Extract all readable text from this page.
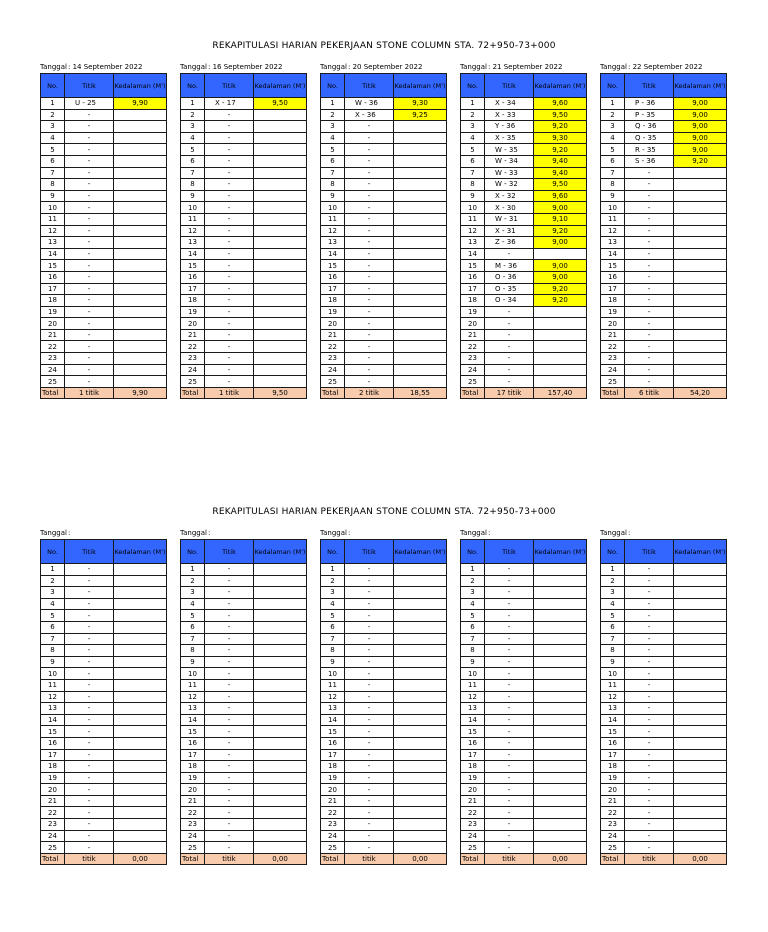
REKAPITULASI HARIAN PEKERJAAN STONE COLUMN STA. 72+950-73+000
Tanggal: 14 September 2022
No.	Titik	Kedalaman (M')
1	U - 25	9,90
2	-	
3	-	
4	-	
5	-	
6	-	
7	-	
8	-	
9	-	
10	-	
11	-	
12	-	
13	-	
14	-	
15	-	
16	-	
17	-	
18	-	
19	-	
20	-	
21	-	
22	-	
23	-	
24	-	
25	-	
Total	1 titik	9,90
Tanggal: 16 September 2022
No.	Titik	Kedalaman (M')
1	X - 17	9,50
2	-	
3	-	
4	-	
5	-	
6	-	
7	-	
8	-	
9	-	
10	-	
11	-	
12	-	
13	-	
14	-	
15	-	
16	-	
17	-	
18	-	
19	-	
20	-	
21	-	
22	-	
23	-	
24	-	
25	-	
Total	1 titik	9,50
Tanggal: 20 September 2022
No.	Titik	Kedalaman (M')
1	W - 36	9,30
2	X - 36	9,25
3	-	
4	-	
5	-	
6	-	
7	-	
8	-	
9	-	
10	-	
11	-	
12	-	
13	-	
14	-	
15	-	
16	-	
17	-	
18	-	
19	-	
20	-	
21	-	
22	-	
23	-	
24	-	
25	-	
Total	2 titik	18,55
Tanggal: 21 September 2022
No.	Titik	Kedalaman (M')
1	X - 34	9,60
2	X - 33	9,50
3	Y - 36	9,20
4	X - 35	9,30
5	W - 35	9,20
6	W - 34	9,40
7	W - 33	9,40
8	W - 32	9,50
9	X - 32	9,60
10	X - 30	9,00
11	W - 31	9,10
12	X - 31	9,20
13	Z - 36	9,00
14	-	
15	M - 36	9,00
16	O - 36	9,00
17	O - 35	9,20
18	O - 34	9,20
19	-	
20	-	
21	-	
22	-	
23	-	
24	-	
25	-	
Total	17 titik	157,40
Tanggal: 22 September 2022
No.	Titik	Kedalaman (M')
1	P - 36	9,00
2	P - 35	9,00
3	Q - 36	9,00
4	Q - 35	9,00
5	R - 35	9,00
6	S - 36	9,20
7	-	
8	-	
9	-	
10	-	
11	-	
12	-	
13	-	
14	-	
15	-	
16	-	
17	-	
18	-	
19	-	
20	-	
21	-	
22	-	
23	-	
24	-	
25	-	
Total	6 titik	54,20
REKAPITULASI HARIAN PEKERJAAN STONE COLUMN STA. 72+950-73+000
Tanggal:
No.	Titik	Kedalaman (M')
1	-	
2	-	
3	-	
4	-	
5	-	
6	-	
7	-	
8	-	
9	-	
10	-	
11	-	
12	-	
13	-	
14	-	
15	-	
16	-	
17	-	
18	-	
19	-	
20	-	
21	-	
22	-	
23	-	
24	-	
25	-	
Total	titik	0,00
Tanggal:
No.	Titik	Kedalaman (M')
1	-	
2	-	
3	-	
4	-	
5	-	
6	-	
7	-	
8	-	
9	-	
10	-	
11	-	
12	-	
13	-	
14	-	
15	-	
16	-	
17	-	
18	-	
19	-	
20	-	
21	-	
22	-	
23	-	
24	-	
25	-	
Total	titik	0,00
Tanggal:
No.	Titik	Kedalaman (M')
1	-	
2	-	
3	-	
4	-	
5	-	
6	-	
7	-	
8	-	
9	-	
10	-	
11	-	
12	-	
13	-	
14	-	
15	-	
16	-	
17	-	
18	-	
19	-	
20	-	
21	-	
22	-	
23	-	
24	-	
25	-	
Total	titik	0,00
Tanggal:
No.	Titik	Kedalaman (M')
1	-	
2	-	
3	-	
4	-	
5	-	
6	-	
7	-	
8	-	
9	-	
10	-	
11	-	
12	-	
13	-	
14	-	
15	-	
16	-	
17	-	
18	-	
19	-	
20	-	
21	-	
22	-	
23	-	
24	-	
25	-	
Total	titik	0,00
Tanggal:
No.	Titik	Kedalaman (M')
1	-	
2	-	
3	-	
4	-	
5	-	
6	-	
7	-	
8	-	
9	-	
10	-	
11	-	
12	-	
13	-	
14	-	
15	-	
16	-	
17	-	
18	-	
19	-	
20	-	
21	-	
22	-	
23	-	
24	-	
25	-	
Total	titik	0,00
